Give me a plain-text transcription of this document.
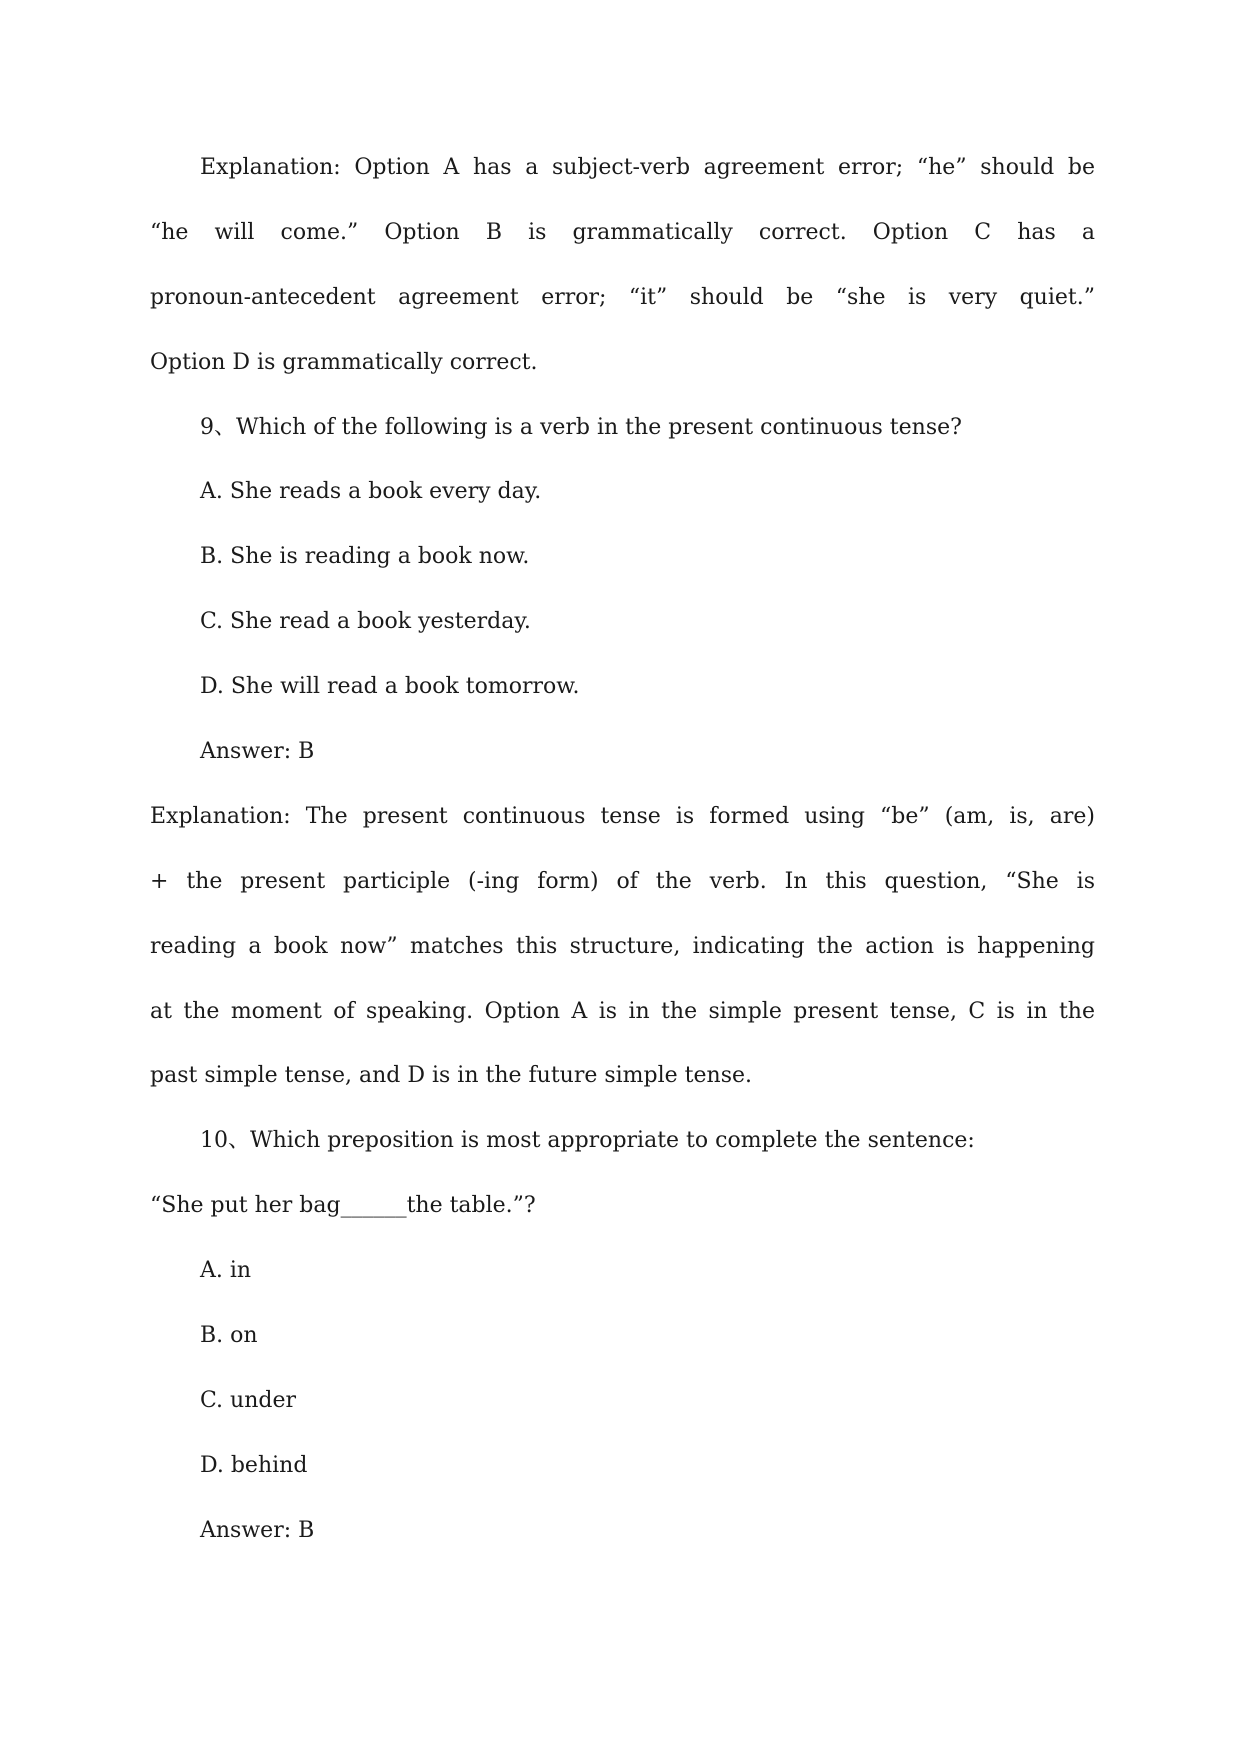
Explanation: Option A has a subject-verb agreement error; “he” should be
“he will come.” Option B is grammatically correct. Option C has a
pronoun-antecedent agreement error; “it” should be “she is very quiet.”
Option D is grammatically correct.
9、Which of the following is a verb in the present continuous tense?
A. She reads a book every day.
B. She is reading a book now.
C. She read a book yesterday.
D. She will read a book tomorrow.
Answer: B
Explanation: The present continuous tense is formed using “be” (am, is, are)
+ the present participle (-ing form) of the verb. In this question, “She is
reading a book now” matches this structure, indicating the action is happening
at the moment of speaking. Option A is in the simple present tense, C is in the
past simple tense, and D is in the future simple tense.
10、Which preposition is most appropriate to complete the sentence:
“She put her bag______the table.”?
A. in
B. on
C. under
D. behind
Answer: B
